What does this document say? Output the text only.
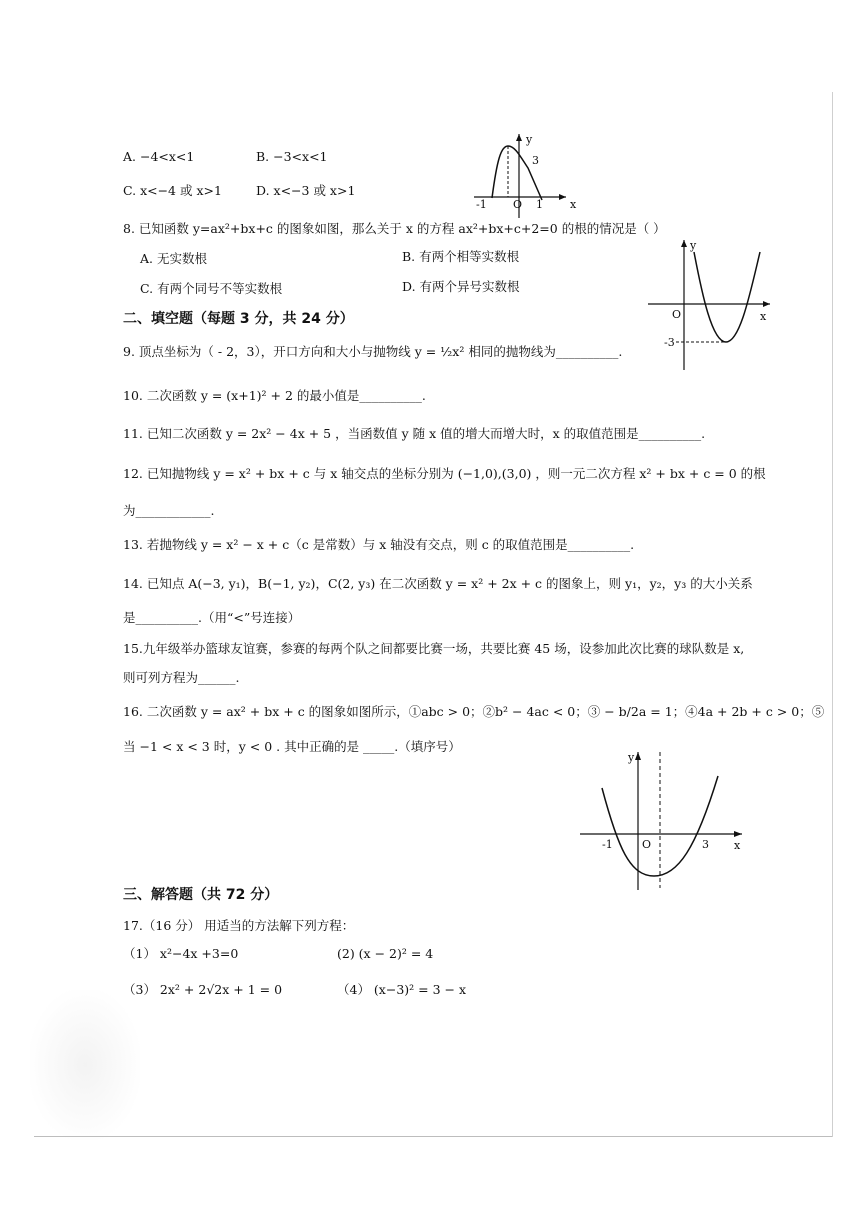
A. −4<x<1	B. −3<x<1
C. x<−4 或 x>1	D. x<−3 或 x>1
y
x
O
3
-1	1
8. 已知函数 y=ax²+bx+c 的图象如图，那么关于 x 的方程 ax²+bx+c+2=0 的根的情况是（ ）
A. 无实数根	B. 有两个相等实数根
C. 有两个同号不等实数根	D. 有两个异号实数根
y
x
O
-3
二、填空题（每题 3 分，共 24 分）
9. 顶点坐标为（ - 2，3），开口方向和大小与抛物线 y = ½x² 相同的抛物线为__________.
10. 二次函数 y = (x+1)² + 2 的最小值是__________.
11. 已知二次函数 y = 2x² − 4x + 5 ，当函数值 y 随 x 值的增大而增大时，x 的取值范围是__________.
12. 已知抛物线 y = x² + bx + c 与 x 轴交点的坐标分别为 (−1,0),(3,0) ，则一元二次方程 x² + bx + c = 0 的根
为____________.
13. 若抛物线 y = x² − x + c（c 是常数）与 x 轴没有交点，则 c 的取值范围是__________.
14. 已知点 A(−3, y₁)，B(−1, y₂)，C(2, y₃) 在二次函数 y = x² + 2x + c 的图象上，则 y₁，y₂，y₃ 的大小关系
是__________.（用“<”号连接）
15.九年级举办篮球友谊赛，参赛的每两个队之间都要比赛一场，共要比赛 45 场，设参加此次比赛的球队数是 x,
则可列方程为______.
16. 二次函数 y = ax² + bx + c 的图象如图所示，①abc > 0；②b² − 4ac < 0；③ − b/2a = 1；④4a + 2b + c > 0；⑤
当 −1 < x < 3 时，y < 0 . 其中正确的是 _____.（填序号）
y
x
O
-1	3
三、解答题（共 72 分）
17.（16 分） 用适当的方法解下列方程：
（1） x²−4x +3=0	(2) (x − 2)² = 4
（3） 2x² + 2√2x + 1 = 0	（4） (x−3)² = 3 − x
